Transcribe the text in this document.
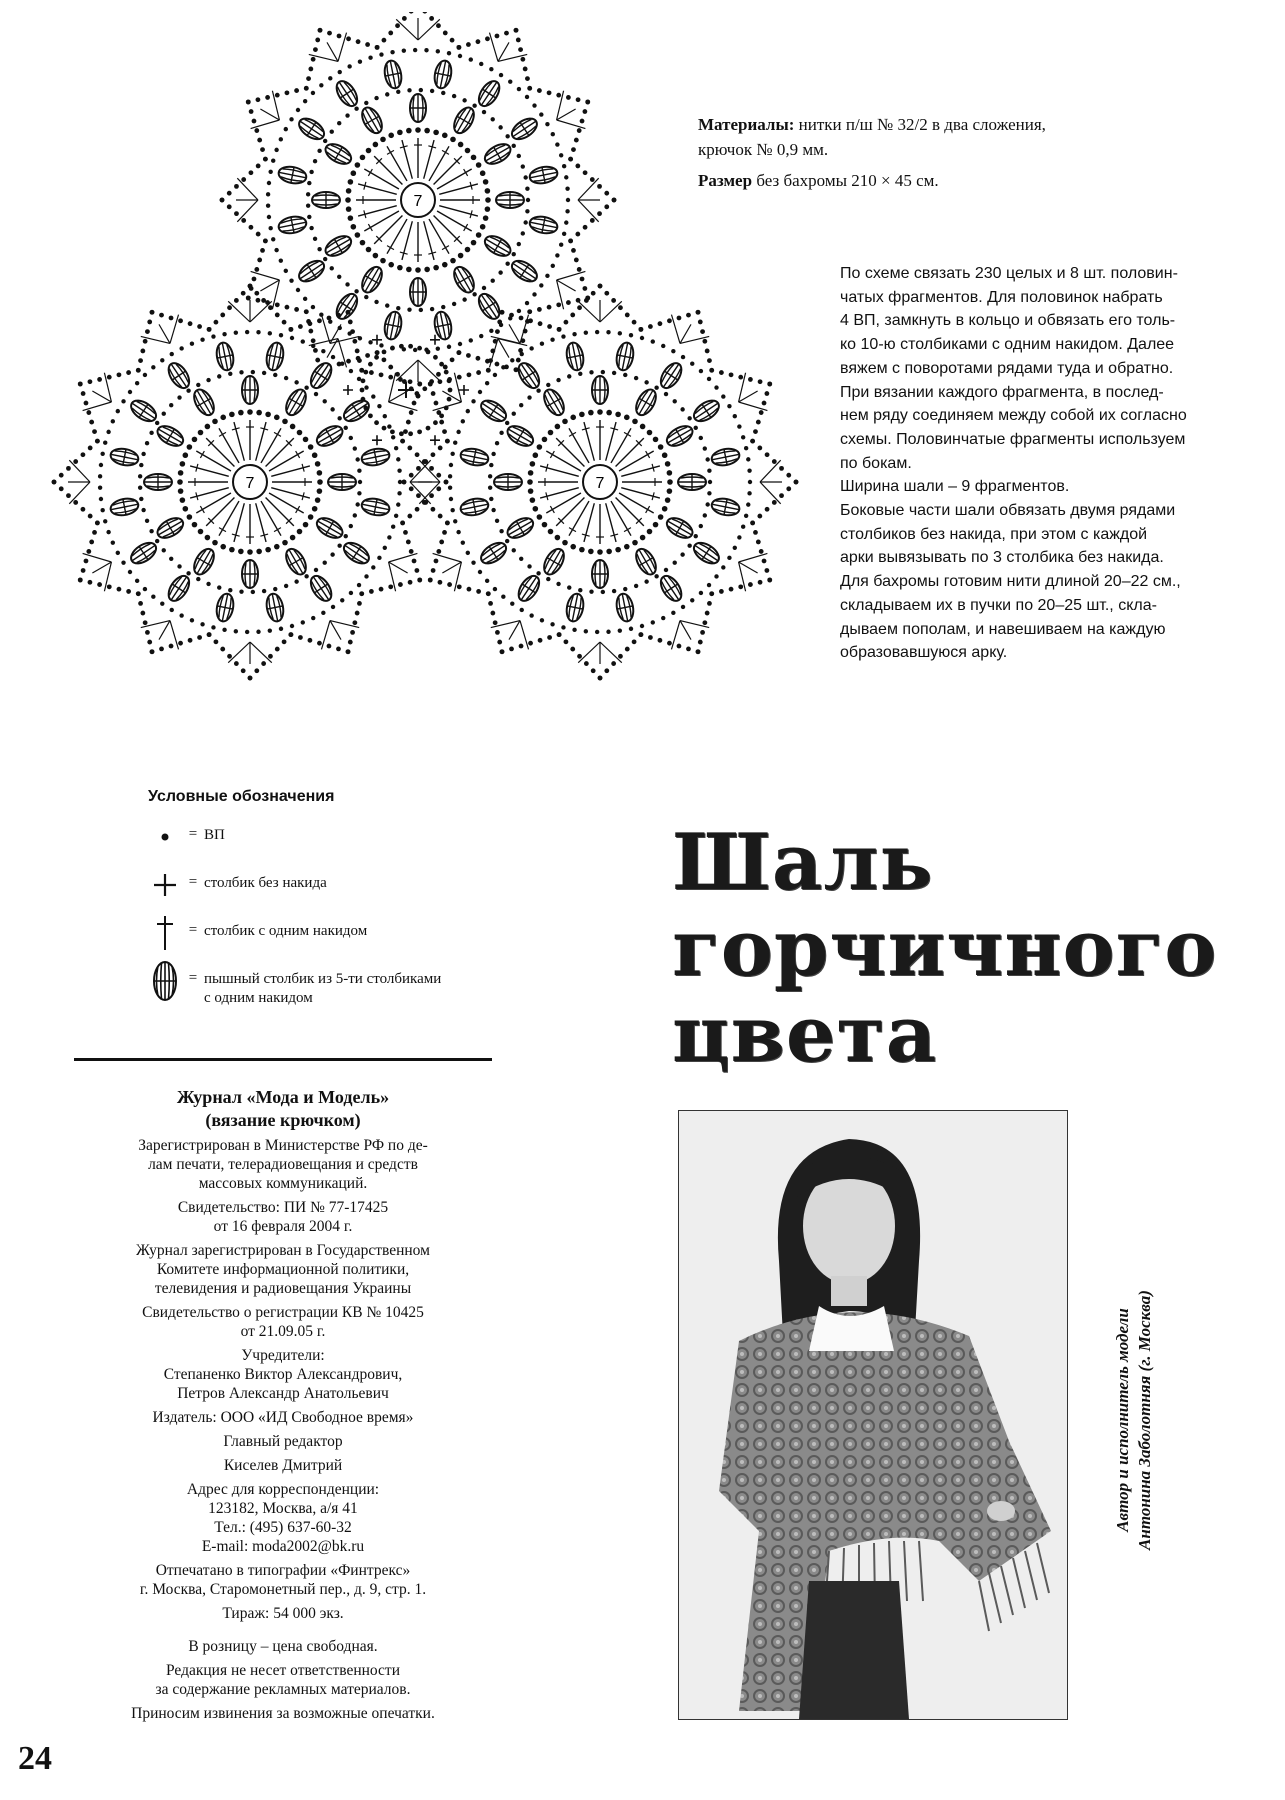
7
7	7

Материалы: нитки п/ш № 32/2 в два сложения,
крючок № 0,9 мм.

Размер без бахромы 210 × 45 см.

По схеме связать 230 целых и 8 шт. половин-

чатых фрагментов. Для половинок набрать

4 ВП, замкнуть в кольцо и обвязать его толь-

ко 10-ю столбиками с одним накидом. Далее

вяжем с поворотами рядами туда и обратно.

При вязании каждого фрагмента, в послед-

нем ряду соединяем между собой их согласно

схемы. Половинчатые фрагменты используем

по бокам.

Ширина шали – 9 фрагментов.

Боковые части шали обвязать двумя рядами

столбиков без накида, при этом с каждой

арки вывязывать по 3 столбика без накида.

Для бахромы готовим нити длиной 20–22 см.,

складываем их в пучки по 20–25 шт., скла-

дываем пополам, и навешиваем на каждую

образовавшуюся арку.

Условные обозначения
= ВП
= столбик без накида
= столбик с одним накидом
= пышный столбик из 5-ти столбиками
с одним накидом
Шаль
горчичного
цвета
Журнал «Мода и Модель»
(вязание крючком)

Зарегистрирован в Министерстве РФ по де-
лам печати, телерадиовещания и средств
массовых коммуникаций.

Свидетельство: ПИ № 77-17425
от 16 февраля 2004 г.

Журнал зарегистрирован в Государственном
Комитете информационной политики,
телевидения и радиовещания Украины

Свидетельство о регистрации КВ № 10425
от 21.09.05 г.

Учредители:
Степаненко Виктор Александрович,
Петров Александр Анатольевич

Издатель: ООО «ИД Свободное время»

Главный редактор

Киселев Дмитрий

Адрес для корреспонденции:
123182, Москва, а/я 41
Тел.: (495) 637-60-32
E-mail: moda2002@bk.ru

Отпечатано в типографии «Финтрекс»
г. Москва, Старомонетный пер., д. 9, стр. 1.

Тираж: 54 000 экз.

В розницу – цена свободная.

Редакция не несет ответственности
за содержание рекламных материалов.

Приносим извинения за возможные опечатки.

Автор и исполнитель модели Антонина Заболотняя (г. Москва)
24
